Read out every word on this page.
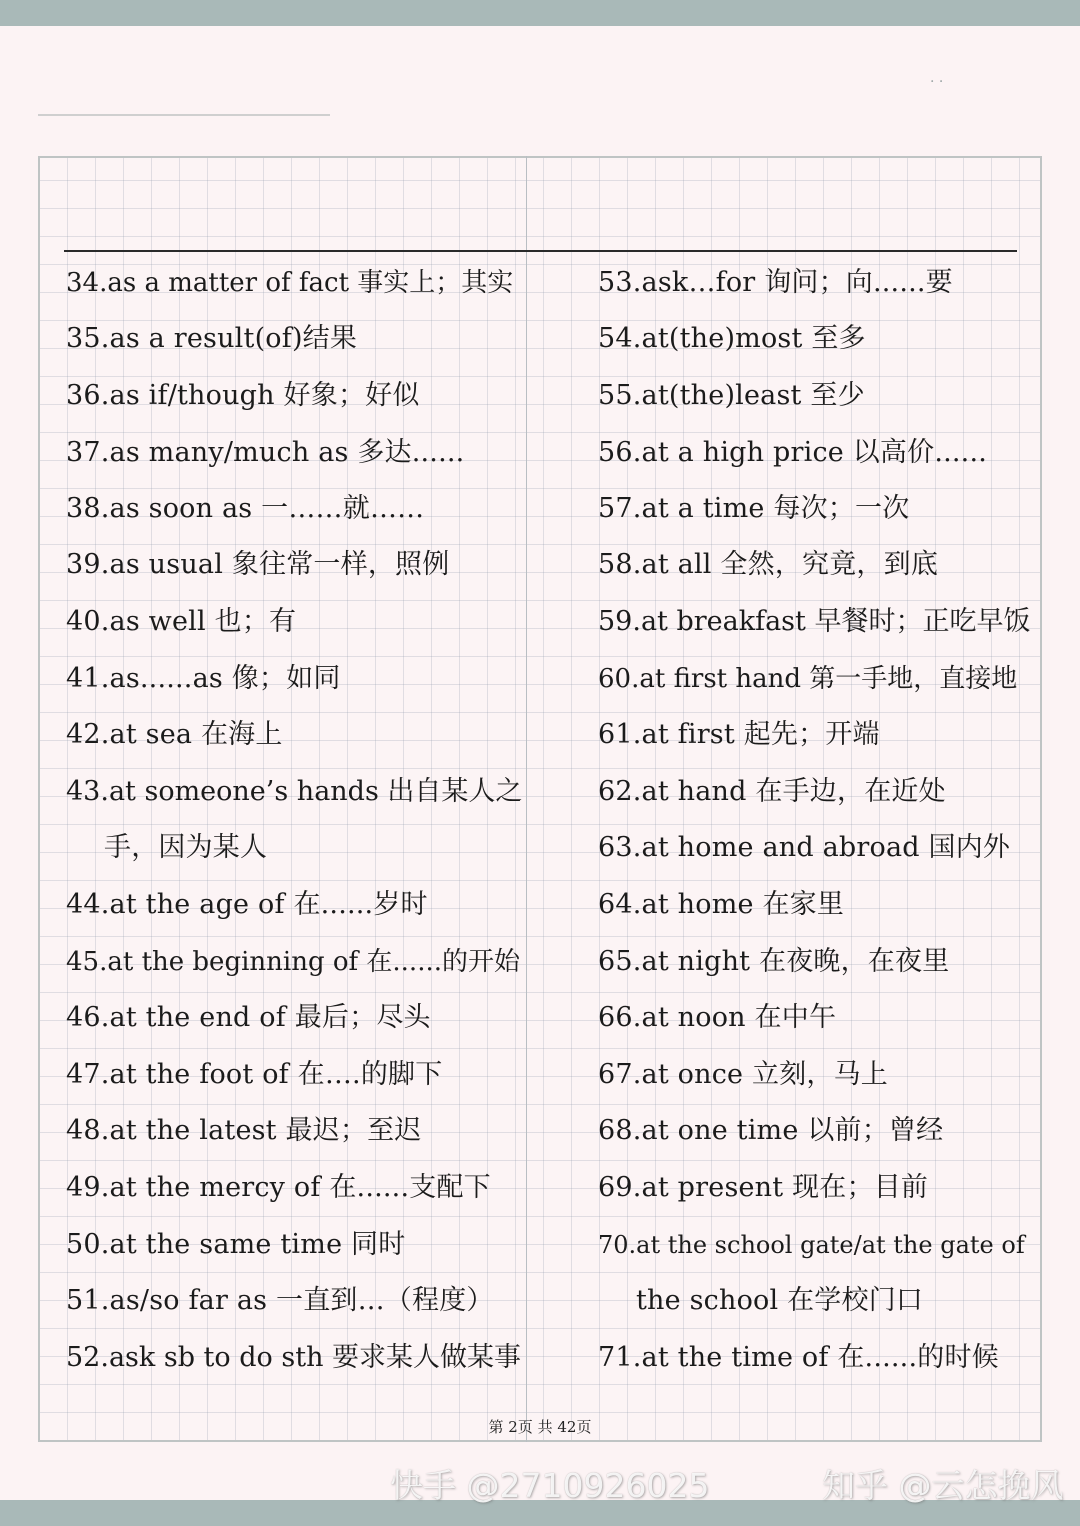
· ·
34.as a matter of fact 事实上；其实
35.as a result(of)结果
36.as if/though 好象；好似
37.as many/much as 多达......
38.as soon as 一……就……
39.as usual 象往常一样，照例
40.as well 也；有
41.as......as 像；如同
42.at sea 在海上
43.at someone’s hands 出自某人之
手，因为某人
44.at the age of 在......岁时
45.at the beginning of 在......的开始
46.at the end of 最后；尽头
47.at the foot of 在….的脚下
48.at the latest 最迟；至迟
49.at the mercy of 在......支配下
50.at the same time 同时
51.as/so far as 一直到…（程度）
52.ask sb to do sth 要求某人做某事
53.ask…for 询问；向......要
54.at(the)most 至多
55.at(the)least 至少
56.at a high price 以高价......
57.at a time 每次；一次
58.at all 全然，究竟，到底
59.at breakfast 早餐时；正吃早饭
60.at first hand 第一手地，直接地
61.at first 起先；开端
62.at hand 在手边，在近处
63.at home and abroad 国内外
64.at home 在家里
65.at night 在夜晚，在夜里
66.at noon 在中午
67.at once 立刻，马上
68.at one time 以前；曾经
69.at present 现在；目前
70.at the school gate/at the gate of
the school 在学校门口
71.at the time of 在......的时候
第 2页 共 42页
快手 @2710926025	知乎 @云怎挽风
